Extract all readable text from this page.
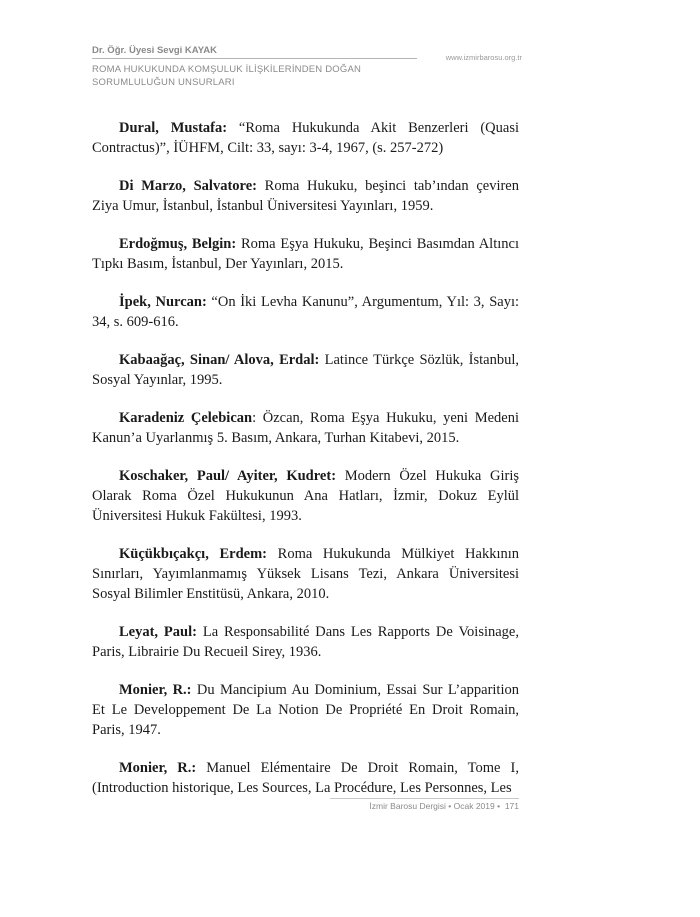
Dr. Öğr. Üyesi Sevgi KAYAK
www.izmirbarosu.org.tr
ROMA HUKUKUNDA KOMŞULUK İLİŞKİLERİNDEN DOĞAN SORUMLULUĞUN UNSURLARI

Dural, Mustafa: “Roma Hukukunda Akit Benzerleri (Quasi Contractus)”, İÜHFM, Cilt: 33, sayı: 3-4, 1967, (s. 257-272)

Di Marzo, Salvatore: Roma Hukuku, beşinci tab’ından çeviren Ziya Umur, İstanbul, İstanbul Üniversitesi Yayınları, 1959.

Erdoğmuş, Belgin: Roma Eşya Hukuku, Beşinci Basımdan Altıncı Tıpkı Basım, İstanbul, Der Yayınları, 2015.

İpek, Nurcan: “On İki Levha Kanunu”, Argumentum, Yıl: 3, Sayı: 34, s. 609-616.

Kabaağaç, Sinan/ Alova, Erdal: Latince Türkçe Sözlük, İstanbul, Sosyal Yayınlar, 1995.

Karadeniz Çelebican: Özcan, Roma Eşya Hukuku, yeni Medeni Kanun’a Uyarlanmış 5. Basım, Ankara, Turhan Kitabevi, 2015.

Koschaker, Paul/ Ayiter, Kudret: Modern Özel Hukuka Giriş Olarak Roma Özel Hukukunun Ana Hatları, İzmir, Dokuz Eylül Üniversitesi Hukuk Fakültesi, 1993.

Küçükbıçakçı, Erdem: Roma Hukukunda Mülkiyet Hakkının Sınırları, Yayımlanmamış Yüksek Lisans Tezi, Ankara Üniversitesi Sosyal Bilimler Enstitüsü, Ankara, 2010.

Leyat, Paul: La Responsabilité Dans Les Rapports De Voisinage, Paris, Librairie Du Recueil Sirey, 1936.

Monier, R.: Du Mancipium Au Dominium, Essai Sur L’apparition Et Le Developpement De La Notion De Propriété En Droit Romain, Paris, 1947.

Monier, R.: Manuel Elémentaire De Droit Romain, Tome I, (Introduction historique, Les Sources, La Procédure, Les Personnes, Les

İzmir Barosu Dergisi • Ocak 2019 • 171
